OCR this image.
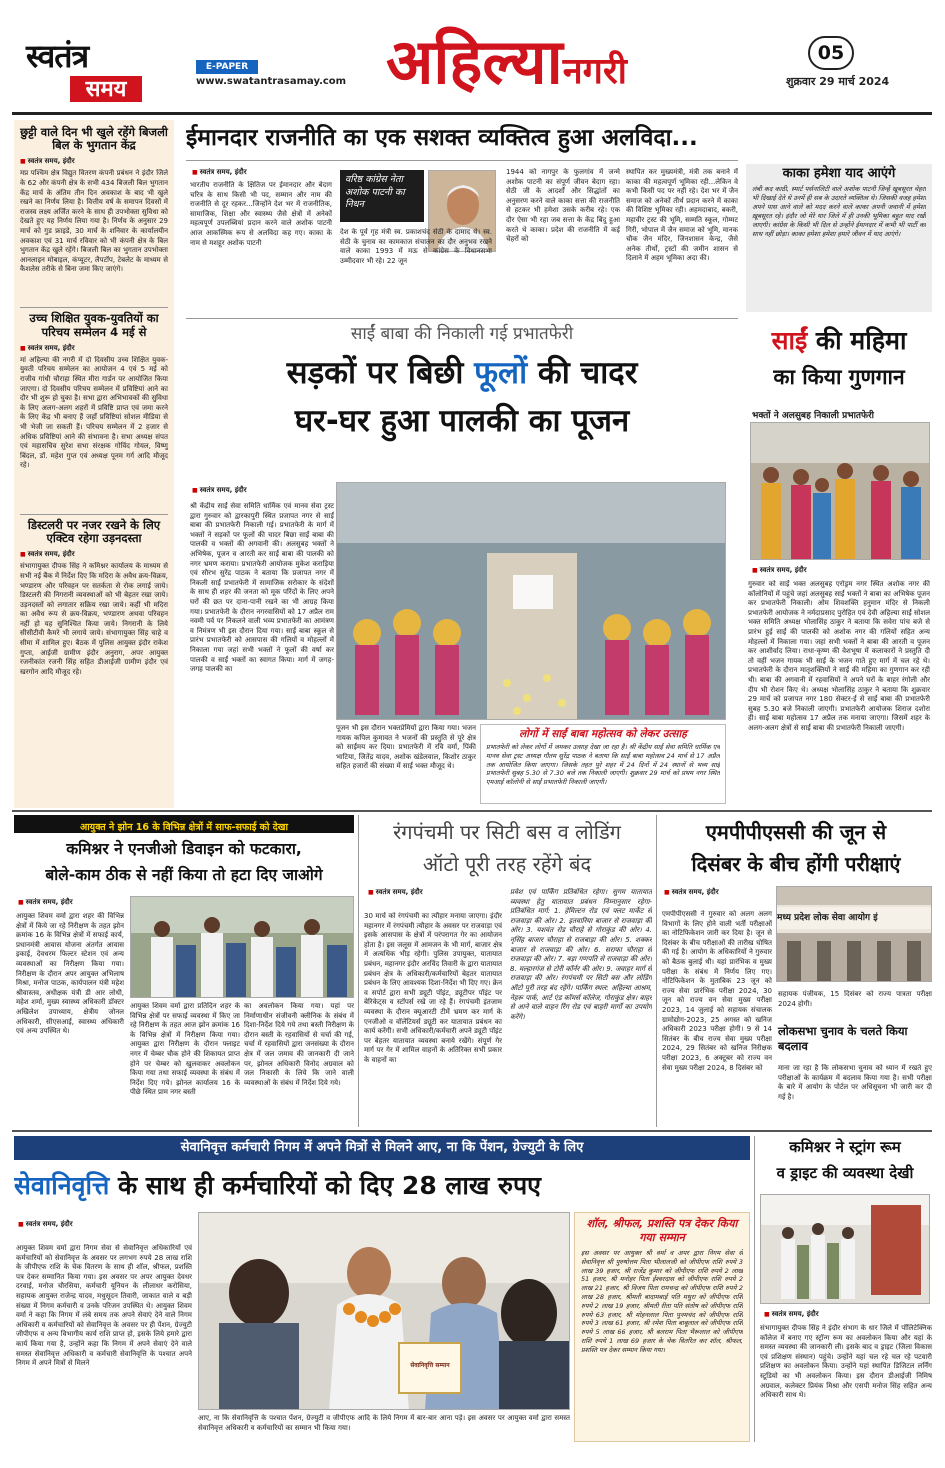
स्वतंत्र
समय
E-PAPER
www.swatantrasamay.com अहिल्यानगरी	05
शुक्रवार 29 मार्च 2024
छुट्टी वाले दिन भी खुले रहेंगे बिजली बिल के भुगतान केंद्र
■ स्वतंत्र समय, इंदौर
मप्र पश्चिम क्षेत्र विद्युत वितरण कंपनी प्रबंधन ने इंदौर जिले के 62 और कंपनी क्षेत्र के सभी 434 बिजली बिल भुगतान केंद्र मार्च के अंतिम तीन दिन अवकाश के बाद भी खुले रखने का निर्णय लिया है। वित्तीय वर्ष के समापन दिवसों में राजस्व लक्ष्य अर्जित करने के साथ ही उपभोक्ता सुविधा को देखते हुए यह निर्णय लिया गया है। निर्णय के अनुसार 29 मार्च को गुड फ्राइडे, 30 मार्च के शनिवार के कार्यालयीन अवकाश एवं 31 मार्च रविवार को भी कंपनी क्षेत्र के बिल भुगतान केंद्र खुले रहेंगे। बिजली बिल का भुगतान उपभोक्ता आनलाइन मोबाइल, कंप्यूटर, लैपटॉप, टेबलेट के माध्यम से कैशलेस तरीके से बिना जमा किए जाएंगे।
उच्च शिक्षित युवक-युवतियों का परिचय सम्मेलन 4 मई से
■ स्वतंत्र समय, इंदौर
मां अहिल्या की नगरी में दो दिवसीय उच्च शिक्षित युवक-युवती परिचय सम्मेलन का आयोजन 4 एवं 5 मई को राजीव गांधी चौराहा स्थित मीरा गार्डन पर आयोजित किया जाएगा। दो दिवसीय परिचय सम्मेलन में प्रविष्टियां आने का दौर भी शुरू हो चुका है। सभा द्वारा अभिभावकों की सुविधा के लिए अलग-अलग शहरों में प्रविष्टि प्राप्त एवं जमा करने के लिए केंद्र भी बनाए हैं जहाँ प्रविष्टियां सोशल मीडिया से भी भेजी जा सकती हैं। परिचय सम्मेलन में 2 हजार से अधिक प्रविष्टियां आने की संभावना है। सभा अध्यक्ष संपत एवं महासचिव सुरेश सभा संरक्षक गोविंद गोयल, विष्णु बिंदल, डॉ. महेश गुप्त एवं अध्यक्ष पूनम गर्ग आदि मौजूद रहे।
डिस्टलरी पर नजर रखने के लिए एक्टिव रहेगा उड़नदस्ता
■ स्वतंत्र समय, इंदौर
संभागायुक्त दीपक सिंह ने कमिश्नर कार्यालय के माध्यम से सभी नई बैंक में निर्देश दिए कि मदिरा के अवैध क्रय-विक्रय, भण्डारण और परिवहन पर सतर्कता से रोक लगाई जाये। डिस्टलरी की निगरानी व्यवस्थाओं को भी बेहतर रखा जाये। उड़नदस्तों को लगातार सक्रिय रखा जाये। कहीं भी मदिरा का अवैध रूप से क्रय-विक्रय, भण्डारण अथवा परिवहन नहीं हो यह सुनिश्चित किया जाये। निगरानी के लिये सीसीटीवी कैमरे भी लगाये जाये। संभागायुक्त सिंह चाहे व सीमा में शामिल हुए। बैठक में पुलिस आयुक्त इंदौर राकेश गुप्ता, आईजी ग्रामीण इंदौर अनुराग, अपर आयुक्त रजनीकांत रजनी सिंह सहित डीआईजी ग्रामीण इंदौर एवं खरगोन आदि मौजूद रहे।
ईमानदार राजनीति का एक सशक्त व्यक्तित्व हुआ अलविदा...
■ स्वतंत्र समय, इंदौर
भारतीय राजनीति के क्षितिज पर ईमानदार और बेदाग चरित्र के साथ किसी भी पद, सम्मान और नाम की राजनीति से दूर रहकर...जिन्होंने देश भर में राजनीतिक, सामाजिक, शिक्षा और स्वास्थ्य जैसे क्षेत्रों में अनेकों महत्वपूर्ण उपलब्धियां प्रदान करने वाले अशोक पाटनी आज आकस्मिक रूप से अलविदा कह गए। काका के नाम से मशहूर अशोक पाटनी
वरिष्ठ कांग्रेस नेता अशोक पाटनी का निधन
देश के पूर्व गृह मंत्री स्व. प्रकाशचंद सेठी के दामाद थे। स्व. सेठी के चुनाव का कामकाज संचालन का दौर अनुभव रखने वाले काका 1993 में मऊ से कांग्रेस के विधानसभा उम्मीदवार भी रहे। 22 जून
1944 को नागपुर के फुलगांव में जन्मे अशोक पाटनी का संपूर्ण जीवन बेदाग रहा। सेठी जी के आदर्शों और सिद्धांतों का अनुसरण करने वाले काका सत्ता की राजनीति से हटकर भी हमेशा उसके करीब रहे। एक दौर ऐसा भी रहा जब सत्ता के केंद्र बिंदु हुआ करते थे काका। प्रदेश की राजनीति में कई चेहरों को
स्थापित कर मुख्यमंत्री, मंत्री तक बनाने में काका की महत्वपूर्ण भूमिका रही...लेकिन वे कभी किसी पद पर नहीं रहे। देश भर में जैन समाज को अनेकों तीर्थ प्रदान करने में काका की विशिष्ट भूमिका रही। अहमदाबाद, बकरी, महावीर ट्रस्ट की भूमि, सम्मति स्कूल, गोम्मट गिरी, भोपाल में जैन समाज को भूमि, मानक चौक जैन मंदिर, जिनशासन केन्द्र, जैसे अनेक तीर्थो, ट्रस्टों की जमीन शासन से दिलाने में अहम भूमिका अदा की।
काका हमेशा याद आएंगे
लंबी कद काठी, स्मार्ट पर्सनालिटी वाले अशोक पाटनी जिन्हें खूबसूरत चेहरा भी दिखाई देते थे उनमें ही सब के उदारते व्यक्तित्व थे। जिसकी वजह हमेशा अपने पास आने वाले को मदद करने वाले काका अपनी जवानी में हमेशा ख़ूबसूरत रहे। इंदौर जो मेरे यार जिले में ही उनकी भूमिका बहुत याद रखी जाएगी। कांग्रेस के किसी भी दिल से उन्होंने ईमानदार में कभी भी पार्टी का साथ नहीं छोड़ा। काका हमेशा हमेशा हमारे जीवन में याद आएंगे।
साईं बाबा की निकाली गई प्रभातफेरी
सड़कों पर बिछी फूलों की चादर
घर-घर हुआ पालकी का पूजन
■ स्वतंत्र समय, इंदौर
श्री केंद्रीय साईं सेवा समिति धार्मिक एवं मानव सेवा ट्रस्ट द्वारा गुरुवार को द्वारकापुरी स्थित प्रजापत नगर से साईं बाबा की प्रभातफेरी निकाली गई। प्रभातफेरी के मार्ग में भक्तों ने सड़कों पर फूलों की चादर बिछा साईं बाबा की पालकी व भक्तों की अगवानी की। अलसुबह भक्तों ने अभिषेक, पूजन व आरती कर साईं बाबा की पालकी को नगर भ्रमण कराया। प्रभातफेरी आयोजक मुकेश कराड़िया एवं सौरभ सुरेंद्र पाठक ने बताया कि प्रजापत नगर में निकली साईं प्रभातफेरी में सामाजिक सरोकार के संदेशों के साथ ही शहर की जनता को मूक परिंदों के लिए अपने घरों की छत पर दाना-पानी रखने का भी आग्रह किया गया। प्रभातफेरी के दौरान नगरवासियों को 17 अप्रैल राम नवमी पर्व पर निकलने वाली भव्य प्रभातफेरी का आमंत्रण व निमंत्रण भी इस दौरान दिया गया। साईं बाबा स्कूल से प्रारंभ प्रभातफेरी को आसपास की गलियों व मोहल्लों में निकाला गया जहां सभी भक्तों ने फूलों की वर्षा कर पालकी व साईं भक्तों का स्वागत किया। मार्ग में जगह-जगह पालकी का
पूजन भी इस दौरान भक्तप्रेमियों द्वारा किया गया। भजन गायक कपिल कुमावत ने भजनों की प्रस्तुति से पूरे क्षेत्र को साईंमय कर दिया। प्रभातफेरी में रवि वर्मा, पिंकी भाटिया, जितेंद्र यादव, अशोक खंडेलवाल, किशोर ठाकुर सहित हजारों की संख्या में साईं भक्त मौजूद थे।
लोगों में साईं बाबा महोत्सव को लेकर उत्साह
प्रभातफेरी को लेकर लोगों में जमकर उत्साह देखा जा रहा है। श्री केंद्रीय साईं सेवा समिति धार्मिक एवं मानव सेवा ट्रस्ट अध्यक्ष गौतम सुरेंद्र पाठक ने बताया कि साईं बाबा महोत्सव 24 मार्च से 17 अप्रैल तक आयोजित किया जाएगा। जिसके तहत पूरे शहर में 24 दिनों में 24 स्थानों से भव्य साईं प्रभातफेरी सुबह 5.30 से 7.30 बजे तक निकाली जाएगी। शुक्रवार 29 मार्च को प्रथम नगर स्थित एमआई कॉलोनी से साईं प्रभातफेरी निकाली जाएगी।
साईं की महिमा
का किया गुणगान
भक्तों ने अलसुबह निकाली प्रभातफेरी
■ स्वतंत्र समय, इंदौर
गुरुवार को साईं भक्त अलसुबह एरोड्रम नगर स्थित अशोक नगर की कॉलोनियों में पहुंचे जहां अलसुबह साईं भक्तों ने बाबा का अभिषेक पूजन कर प्रभातफेरी निकाली। ओम शिवशक्ति हनुमान मंदिर से निकली प्रभातफेरी आयोजक ने नर्मदाप्रसाद पुरोहित एवं देवी अहिल्या साईं सोशल भक्त समिति अध्यक्ष भोलासिंह ठाकुर ने बताया कि सवेरा पांच बजे से प्रारंभ हुई साईं की पालकी को अशोक नगर की गलियों सहित अन्य मोहल्लों में निकाला गया। जहां सभी भक्तों ने बाबा की आरती व पूजन कर आशीर्वाद लिया। राधा-कृष्ण की वेशभूषा में कलाकारों ने प्रस्तुति दी तो वहीं भजन गायक भी साईं के भजन गाते हुए मार्ग में चल रहे थे। प्रभातफेरी के दौरान मातृशक्तियों ने साईं की महिमा का गुणगान कर रही थी। बाबा की अगवानी में रहवासियों ने अपने घरों के बाहर रंगोली और दीप भी रोशन किए थे। अध्यक्ष भोलासिंह ठाकुर ने बताया कि शुक्रवार 29 मार्च को प्रजापत नगर 180 सेक्टर-ई से साईं बाबा की प्रभातफेरी सुबह 5.30 बजे निकाली जाएगी। प्रभातफेरी आयोजक शिराज दशोरा ही। साईं बाबा महोत्सव 17 अप्रैल तक मनाया जाएगा। जिसमें शहर के अलग-अलग क्षेत्रों से साईं बाबा की प्रभातफेरी निकाली जाएगी।
आयुक्त ने झोन 16 के विभिन्न क्षेत्रों में साफ-सफाई को देखा
कमिश्नर ने एनजीओ डिवाइन को फटकारा,
बोले-काम ठीक से नहीं किया तो हटा दिए जाओगे
■ स्वतंत्र समय, इंदौर
आयुक्त शिवम वर्मा द्वारा शहर की विभिन्न क्षेत्रों में किये जा रहे निरीक्षण के तहत झोन क्रमांक 16 के विभिन्न क्षेत्रों में सफाई कार्य, प्रधानमंत्री आवास योजना अंतर्गत आवास इकाई, देवधरम फिल्टर स्टेशन एवं अन्य व्यवस्थाओं का निरीक्षण किया गया। निरीक्षण के दौरान अपर आयुक्त अभिलाष मिश्रा, मनोज पाठक, कार्यपालन यंत्री महेश श्रीवास्तव, अधीक्षक यंत्री डी आर लोधी, महेश शर्मा, मुख्य स्वास्थ्य अधिकारी डॉक्टर अखिलेश उपाध्याय, क्षेत्रीय जोनल अधिकारी, सीएसआई, स्वास्थ्य अधिकारी एवं अन्य उपस्थित थे।
आयुक्त शिवम वर्मा द्वारा प्रतिदिन शहर के विभिन्न क्षेत्रों पर सफाई व्यवस्था में किए जा रहे निरीक्षण के तहत आज झोन क्रमांक 16 के विभिन्न क्षेत्रों में निरीक्षण किया गया। आयुक्त द्वारा निरीक्षण के दौरान फ्लाइट नगर में चेम्बर चौक होने की शिकायत प्राप्त होने पर चेम्बर को खुलवाकर अवलोकन किया गया तथा सफाई व्यवस्था के संबंध में निर्देश दिए गये। झोनल कार्यालय 16 के पीछे स्थित प्राम नगर बस्ती
का अवलोकन किया गया। यहां पर निर्माणाधीन संजीवनी क्लीनिक के संबंध में दिशा-निर्देश दिये गये तथा बस्ती निरीक्षण के दौरान बस्ती के रहवासियों से चर्चा की गई, चर्चा में रहवासियों द्वारा जनसंख्या के दौरान क्षेत्र में जल जमाव की जानकारी दी जाने पर, झोनल अधिकारी विनोद अग्रवाल को जल निकासी के लिये कि जाने वाली व्यवस्थाओं के संबंध में निर्देश दिये गये।
रंगपंचमी पर सिटी बस व लोडिंग
ऑटो पूरी तरह रहेंगे बंद
■ स्वतंत्र समय, इंदौर
30 मार्च को रंगपंचमी का त्यौहार मनाया जाएगा। इंदौर महानगर में रंगपंचमी त्यौहार के अवसर पर राजवाड़ा एवं इसके आसपास के क्षेत्रों में परंपरागत गेर का आयोजन होता है। इस जलूस में आमजन के भी मार्ग, बाजार क्षेत्र में अत्यधिक भीड़ रहेगी। पुलिस उपायुक्त, यातायात प्रबंधन, महानगर इंदौर अरविंद तिवारी के द्वारा यातायात प्रबंधन क्षेत्र के अधिकारी/कर्मचारियों बेहतर यातायात प्रबंधन के लिए आवश्यक दिशा-निर्देश भी दिए गए। क्रेन व सपोर्ट द्वारा सभी ड्यूटी पॉइंट, ड्यूटीपर पॉइंट पर बेरिकेट्स व स्टॉपर्स रखे जा रहे हैं। रंगपंचमी इंतजाम व्यवस्था के दौरान क्यूआरटी टीमें भ्रमण कर मार्ग के एनजीओ व वॉलेंटियर्स ड्यूटी कर यातायात प्रबंधन का कार्य करेंगी। सभी अधिकारी/कर्मचारी अपने ड्यूटी पॉइंट पर बेहतर यातायात व्यवस्था बनाये रखेंगे। संपूर्ण गेर मार्ग पर गेर में शामिल वाहनों के अतिरिक्त सभी प्रकार के वाहनों का
प्रवेश एवं पार्किंग प्रतिबंधित रहेगा। सुगम यातायात व्यवस्था हेतु यातायात प्रबंधन निम्नानुसार रहेगा- प्रतिबंधित मार्ग: 1. हेमिल्टन रोड एवं फ्लट मार्केट से राजवाड़ा की ओर। 2. इतवारिया बाजार से राजवाड़ा की ओर। 3. यशवंत रोड चौराहे से गोराकुंड की ओर। 4. नृसिंह बाजार चौराहा से राजबाड़ा की ओर। 5. शक्कर बाजार से राजवाड़ा की ओर। 6. सराफा चौराहा से राजवाड़ा की ओर। 7. बड़ा गणपति से राजवाड़ा की ओर। 8. मल्हारगंज से टोरी कॉर्नर की ओर। 9. जवाहर मार्ग से राजवाड़ा की ओर। रंगपंचमी पर सिटी बस और लोडिंग ऑटो पूरी तरह बंद रहेंगे। पार्किंग स्थल: अहिल्या आश्रम, नेहरू पार्क, आर्ट एंड कॉमर्स कॉलेज, गोराकुंड क्षेत्र। बाहर से आने वाले वाहन रिंग रोड एवं बाहरी मार्गों का उपयोग करेंगे।
एमपीपीएससी की जून से
दिसंबर के बीच होंगी परीक्षाएं
■ स्वतंत्र समय, इंदौर
एमपीपीएससी ने गुरुवार को अलग अलग विभागों के लिए होने वाली भर्ती परीक्षाओं का नोटिफिकेशन जारी कर दिया है। जून से दिसंबर के बीच परीक्षाओं की तारीख घोषित की गई है। आयोग के अधिकारियों ने गुरुवार को बैठक बुलाई थी। यहां प्रारंभिक व मुख्य परीक्षा के संबंध में निर्णय लिए गए। नोटिफिकेशन के मुताबिक 23 जून को राज्य सेवा प्रारंभिक परीक्षा 2024, 30 जून को राज्य वन सेवा मुख्य परीक्षा 2023, 14 जुलाई को सहायक संचालक ग्रामोद्योग-2023, 25 अगस्त को खनिज अधिकारी 2023 परीक्षा होगी। 9 से 14 सितंबर के बीच राज्य सेवा मुख्य परीक्षा 2024, 29 सितंबर को खनिज निरीक्षक परीक्षा 2023, 6 अक्टूबर को राज्य वन सेवा मुख्य परीक्षा 2024, 8 दिसंबर को
मध्य प्रदेश लोक सेवा आयोग इं
सहायक पंजीयक, 15 दिसंबर को राज्य पात्रता परीक्षा 2024 होगी।
लोकसभा चुनाव के चलते किया बदलाव
माना जा रहा है कि लोकसभा चुनाव को ध्यान में रखते हुए परीक्षाओं के कार्यक्रम में बदलाव किया गया है। सभी परीक्षा के बारे में आयोग के पोर्टल पर अधिसूचना भी जारी कर दी गई है।
सेवानिवृत्त कर्मचारी निगम में अपने मित्रों से मिलने आए, ना कि पेंशन, ग्रेज्युटी के लिए
सेवानिवृत्ति के साथ ही कर्मचारियों को दिए 28 लाख रुपए
■ स्वतंत्र समय, इंदौर
आयुक्त शिवम वर्मा द्वारा निगम सेवा से सेवानिवृत्त अधिकारियों एवं कर्मचारियों को सेवानिवृत्त के अवसर पर लगभग रुपये 28 लाख राशि के जीपीएफ राशि के चेक वितरण के साथ ही शॉल, श्रीफल, प्रशस्ति पत्र देकर सम्मानित किया गया। इस अवसर पर अपर आयुक्त देवधर दरवाई, मनोज चौरसिया, कर्मचारी यूनियन के लीलाधर करोसिया, सहायक आयुक्त राजेन्द्र यादव, मधुसूदन तिवारी, जाकात वाले व बड़ी संख्या में निगम कर्मचारी व उनके परिजन उपस्थित थे। आयुक्त शिवम वर्मा ने कहा कि निगम में लंबे समय तक अपने सेवाएं देने वाले निगम अधिकारी व कर्मचारियों को सेवानिवृत्त के अवसर पर ही पेंशन, ग्रेज्युटी जीपीएफ व अन्य विभागीय कार्य राशि प्राप्त हो, इसके लिये हमारे द्वारा कार्य किया गया है, उन्होंने कहा कि निगम में अपने सेवाएं देने वाले समस्त सेवानिवृत्त अधिकारी व कर्मचारी सेवानिवृत्ति के पश्चात अपने निगम में अपने मित्रों से मिलने	सेवानिवृत्ति सम्मान
आए, ना कि सेवानिवृत्ति के पश्चात पेंशन, ग्रेज्युटी व जीपीएफ आदि के लिये निगम में बार-बार आना पड़े। इस अवसर पर आयुक्त वर्मा द्वारा समस्त सेवानिवृत्त अधिकारी व कर्मचारियों का सम्मान भी किया गया।
शॉल, श्रीफल, प्रशस्ति पत्र देकर किया गया सम्मान
इस अवसर पर आयुक्त श्री वर्मा व अपर द्वारा निगम सेवा से सेवानिवृत्त श्री पुरुषोत्तम पिता भीलालजी को जीपीएफ राशि रुपये 3 लाख 39 हजार, श्री राजेंद्र कुमार को जीपीएफ राशि रुपये 2 लाख 51 हजार, श्री मनोहर पिता ईश्वरदास को जीपीएफ राशि रुपये 2 लाख 21 हजार, श्री विजय पिता रामचन्द्र को जीपीएफ राशि रुपये 2 लाख 28 हजार, श्रीमती बादामबाई पति मथुरा को जीपीएफ राशि रुपये 2 लाख 19 हजार, श्रीमती रीता पति संतोष को जीपीएफ राशि रुपये 63 हजार, श्री मोहनलाल पिता पूनमचंद को जीपीएफ राशि रुपये 3 लाख 61 हजार, श्री रमेश पिता बाबूलाल को जीपीएफ राशि रुपये 5 लाख 66 हजार, श्री बलराम पिता भैरूलाल को जीपीएफ राशि रुपये 1 लाख 69 हजार के चेक वितरित कर शॉल, श्रीफल, प्रशस्ति पत्र देकर सम्मान किया गया।
कमिश्नर ने स्ट्रांग रूम
व ड्राइट की व्यवस्था देखी
■ स्वतंत्र समय, इंदौर
संभागायुक्त दीपक सिंह ने इंदौर संभाग के धार जिले में पॉलिटेक्निक कॉलेज में बनाए गए स्ट्रॉन्ग रूम का अवलोकन किया और यहां के समस्त व्यवस्था की जानकारी ली। इसके बाद व ड्राइट (जिला विकास एवं प्रशिक्षण संस्थान) पहुंचे। उन्होंने यहां चल रहे चल रहे पटवारी प्रशिक्षण का अवलोकन किया। उन्होंने यहां स्थापित डिजिटल लर्निंग स्टूडियो का भी अवलोकन किया। इस दौरान डीआईजी निमिष अग्रवाल, कलेक्टर प्रियंक मिश्रा और एसपी मनोज सिंह सहित अन्य अधिकारी साथ थे।
